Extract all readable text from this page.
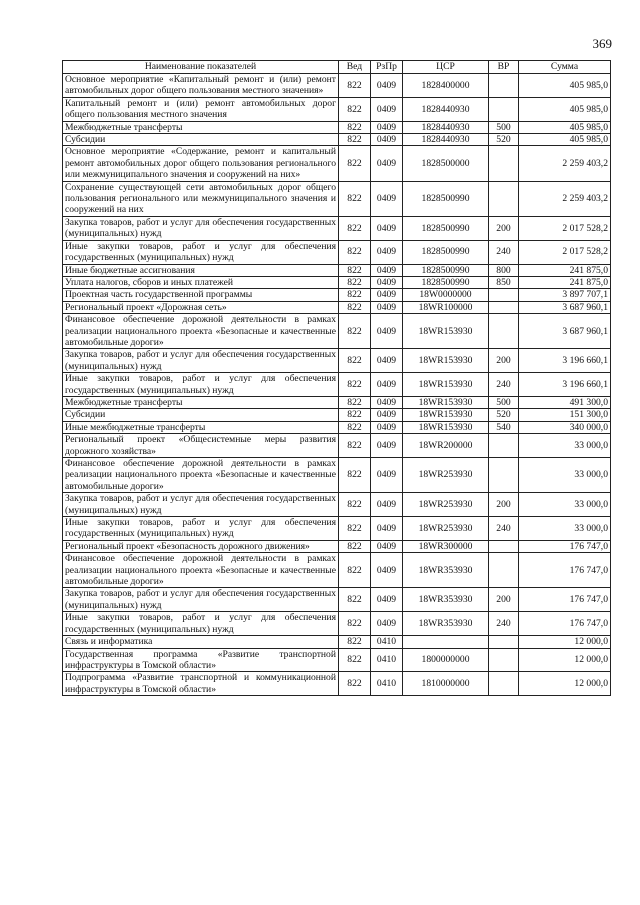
369
Наименование показателей	Вед	РзПр	ЦСР	ВР	Сумма
Основное мероприятие «Капитальный ремонт и (или) ремонт автомобильных дорог общего пользования местного значения»	822	0409	1828400000		405 985,0
Капитальный ремонт и (или) ремонт автомобильных дорог общего пользования местного значения	822	0409	1828440930		405 985,0
Межбюджетные трансферты	822	0409	1828440930	500	405 985,0
Субсидии	822	0409	1828440930	520	405 985,0
Основное мероприятие «Содержание, ремонт и капитальный ремонт автомобильных дорог общего пользования регионального или межмуниципального значения и сооружений на них»	822	0409	1828500000		2 259 403,2
Сохранение существующей сети автомобильных дорог общего пользования регионального или межмуниципального значения и сооружений на них	822	0409	1828500990		2 259 403,2
Закупка товаров, работ и услуг для обеспечения государственных (муниципальных) нужд	822	0409	1828500990	200	2 017 528,2
Иные закупки товаров, работ и услуг для обеспечения государственных (муниципальных) нужд	822	0409	1828500990	240	2 017 528,2
Иные бюджетные ассигнования	822	0409	1828500990	800	241 875,0
Уплата налогов, сборов и иных платежей	822	0409	1828500990	850	241 875,0
Проектная часть государственной программы	822	0409	18W0000000		3 897 707,1
Региональный проект «Дорожная сеть»	822	0409	18WR100000		3 687 960,1
Финансовое обеспечение дорожной деятельности в рамках реализации национального проекта «Безопасные и качественные автомобильные дороги»	822	0409	18WR153930		3 687 960,1
Закупка товаров, работ и услуг для обеспечения государственных (муниципальных) нужд	822	0409	18WR153930	200	3 196 660,1
Иные закупки товаров, работ и услуг для обеспечения государственных (муниципальных) нужд	822	0409	18WR153930	240	3 196 660,1
Межбюджетные трансферты	822	0409	18WR153930	500	491 300,0
Субсидии	822	0409	18WR153930	520	151 300,0
Иные межбюджетные трансферты	822	0409	18WR153930	540	340 000,0
Региональный проект «Общесистемные меры развития дорожного хозяйства»	822	0409	18WR200000		33 000,0
Финансовое обеспечение дорожной деятельности в рамках реализации национального проекта «Безопасные и качественные автомобильные дороги»	822	0409	18WR253930		33 000,0
Закупка товаров, работ и услуг для обеспечения государственных (муниципальных) нужд	822	0409	18WR253930	200	33 000,0
Иные закупки товаров, работ и услуг для обеспечения государственных (муниципальных) нужд	822	0409	18WR253930	240	33 000,0
Региональный проект «Безопасность дорожного движения»	822	0409	18WR300000		176 747,0
Финансовое обеспечение дорожной деятельности в рамках реализации национального проекта «Безопасные и качественные автомобильные дороги»	822	0409	18WR353930		176 747,0
Закупка товаров, работ и услуг для обеспечения государственных (муниципальных) нужд	822	0409	18WR353930	200	176 747,0
Иные закупки товаров, работ и услуг для обеспечения государственных (муниципальных) нужд	822	0409	18WR353930	240	176 747,0
Связь и информатика	822	0410			12 000,0
Государственная программа «Развитие транспортной инфраструктуры в Томской области»	822	0410	1800000000		12 000,0
Подпрограмма «Развитие транспортной и коммуникационной инфраструктуры в Томской области»	822	0410	1810000000		12 000,0
